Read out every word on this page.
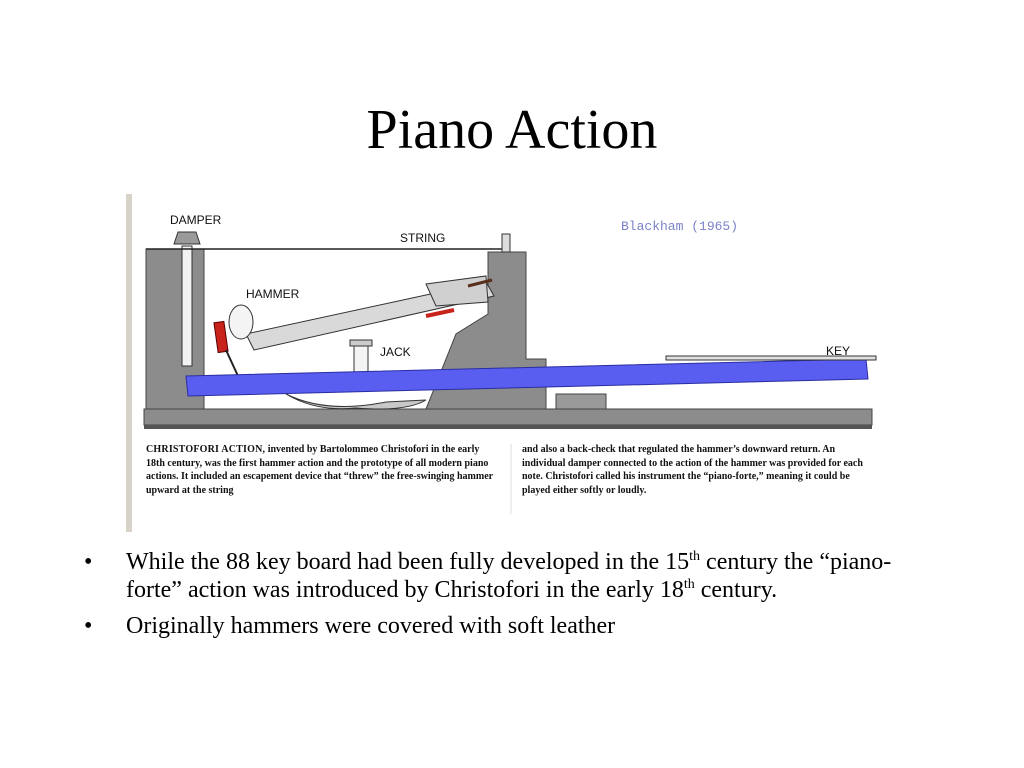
Piano Action
DAMPER
STRING
HAMMER
JACK	KEY
Blackham (1965)
CHRISTOFORI ACTION, invented by Bartolommeo Christofori in the early 18th century, was the first hammer action and the prototype of all modern piano actions. It included an escapement device that “threw” the free-swinging hammer upward at the string
and also a back-check that regulated the hammer’s downward return. An individual damper connected to the action of the hammer was provided for each note. Christofori called his instrument the “piano-forte,” meaning it could be played either softly or loudly.
• While the 88 key board had been fully developed in the 15th century the “piano-forte” action was introduced by Christofori in the early 18th century.
• Originally hammers were covered with soft leather
